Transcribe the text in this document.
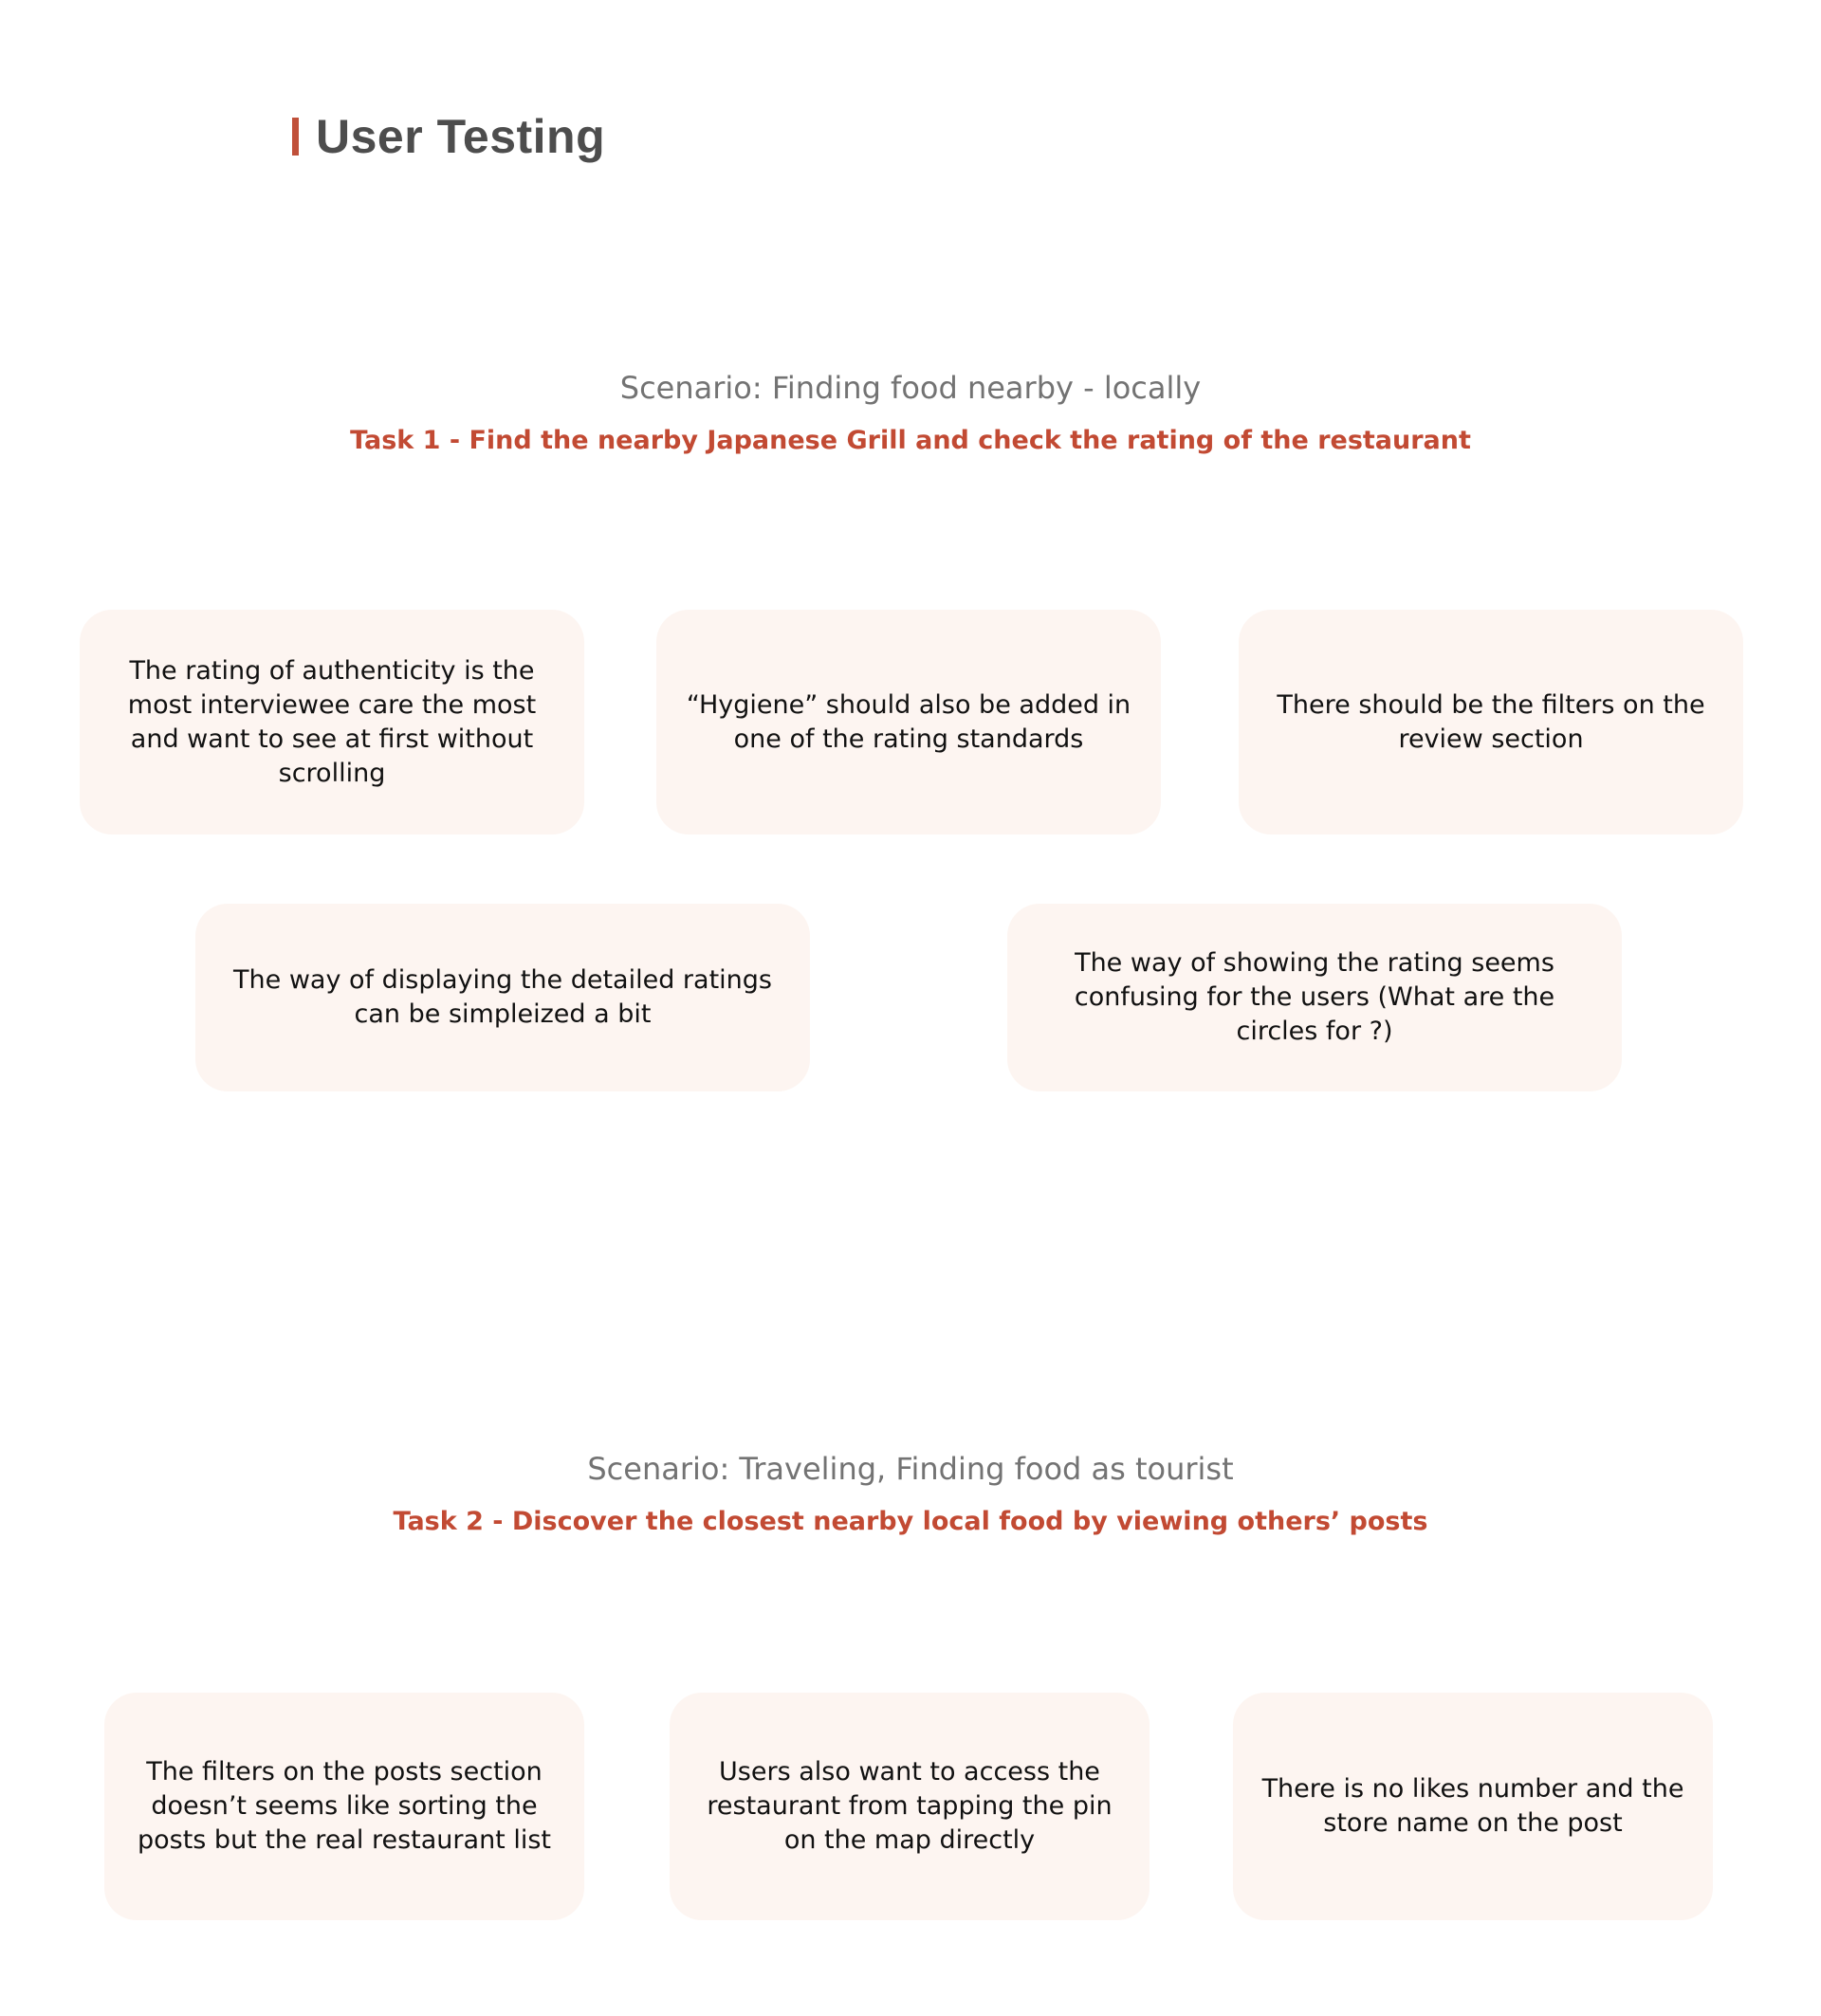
User Testing
Scenario: Finding food nearby - locally
Task 1 - Find the nearby Japanese Grill and check the rating of the restaurant
The rating of authenticity is the most interviewee care the most and want to see at first without scrolling
“Hygiene” should also be added in one of the rating standards
There should be the filters on the review section
The way of displaying the detailed ratings can be simpleized a bit
The way of showing the rating seems confusing for the users (What are the circles for ?)
Scenario: Traveling, Finding food as tourist
Task 2 - Discover the closest nearby local food by viewing others’ posts
The filters on the posts section doesn’t seems like sorting the posts but the real restaurant list
Users also want to access the restaurant from tapping the pin on the map directly
There is no likes number and the store name on the post
